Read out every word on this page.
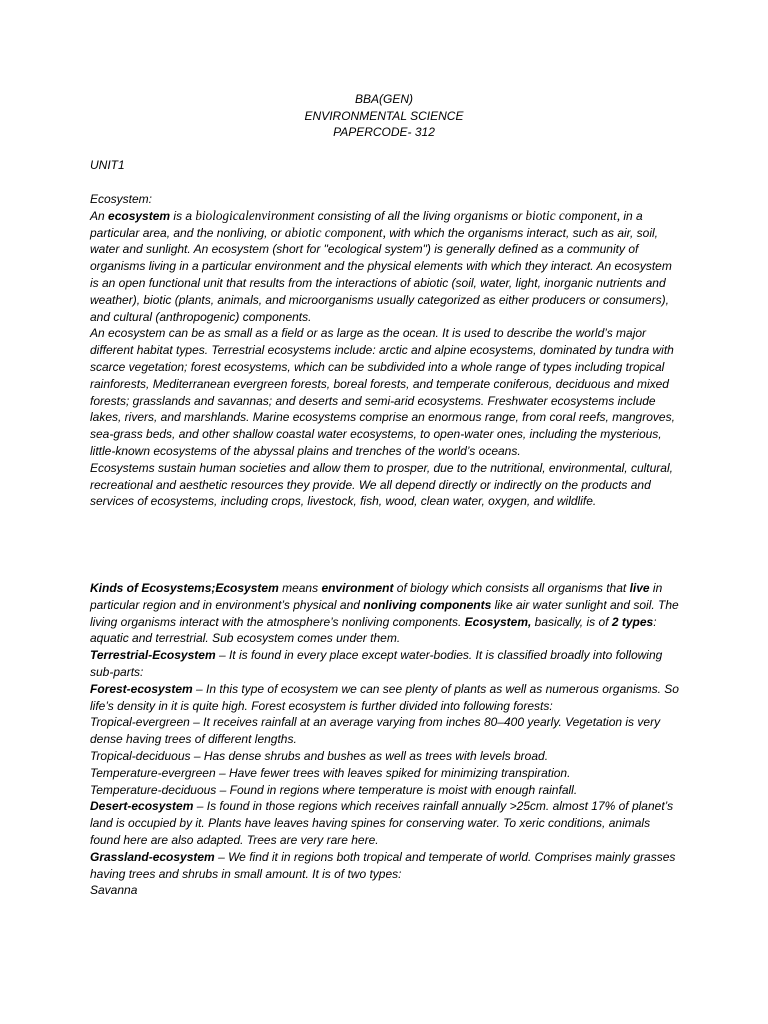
BBA(GEN)
ENVIRONMENTAL SCIENCE
PAPERCODE- 312
UNIT1

Ecosystem:

An ecosystem is a biologicalenvironment consisting of all the living organisms or biotic component, in a particular area, and the nonliving, or abiotic component, with which the organisms interact, such as air, soil, water and sunlight. An ecosystem (short for "ecological system") is generally defined as a community of organisms living in a particular environment and the physical elements with which they interact. An ecosystem is an open functional unit that results from the interactions of abiotic (soil, water, light, inorganic nutrients and weather), biotic (plants, animals, and microorganisms usually categorized as either producers or consumers), and cultural (anthropogenic) components.

An ecosystem can be as small as a field or as large as the ocean. It is used to describe the world’s major different habitat types. Terrestrial ecosystems include: arctic and alpine ecosystems, dominated by tundra with scarce vegetation; forest ecosystems, which can be subdivided into a whole range of types including tropical rainforests, Mediterranean evergreen forests, boreal forests, and temperate coniferous, deciduous and mixed forests; grasslands and savannas; and deserts and semi-arid ecosystems. Freshwater ecosystems include lakes, rivers, and marshlands. Marine ecosystems comprise an enormous range, from coral reefs, mangroves, sea-grass beds, and other shallow coastal water ecosystems, to open-water ones, including the mysterious, little-known ecosystems of the abyssal plains and trenches of the world’s oceans.

Ecosystems sustain human societies and allow them to prosper, due to the nutritional, environmental, cultural, recreational and aesthetic resources they provide. We all depend directly or indirectly on the products and services of ecosystems, including crops, livestock, fish, wood, clean water, oxygen, and wildlife.

Kinds of Ecosystems;Ecosystem means environment of biology which consists all organisms that live in particular region and in environment’s physical and nonliving components like air water sunlight and soil. The living organisms interact with the atmosphere’s nonliving components. Ecosystem, basically, is of 2 types: aquatic and terrestrial. Sub ecosystem comes under them.

Terrestrial-Ecosystem – It is found in every place except water-bodies. It is classified broadly into following sub-parts:

Forest-ecosystem – In this type of ecosystem we can see plenty of plants as well as numerous organisms. So life’s density in it is quite high. Forest ecosystem is further divided into following forests:

Tropical-evergreen – It receives rainfall at an average varying from inches 80–400 yearly. Vegetation is very dense having trees of different lengths.

Tropical-deciduous – Has dense shrubs and bushes as well as trees with levels broad.

Temperature-evergreen – Have fewer trees with leaves spiked for minimizing transpiration.

Temperature-deciduous – Found in regions where temperature is moist with enough rainfall.

Desert-ecosystem – Is found in those regions which receives rainfall annually >25cm. almost 17% of planet’s land is occupied by it. Plants have leaves having spines for conserving water. To xeric conditions, animals found here are also adapted. Trees are very rare here.

Grassland-ecosystem – We find it in regions both tropical and temperate of world. Comprises mainly grasses having trees and shrubs in small amount. It is of two types:

Savanna
